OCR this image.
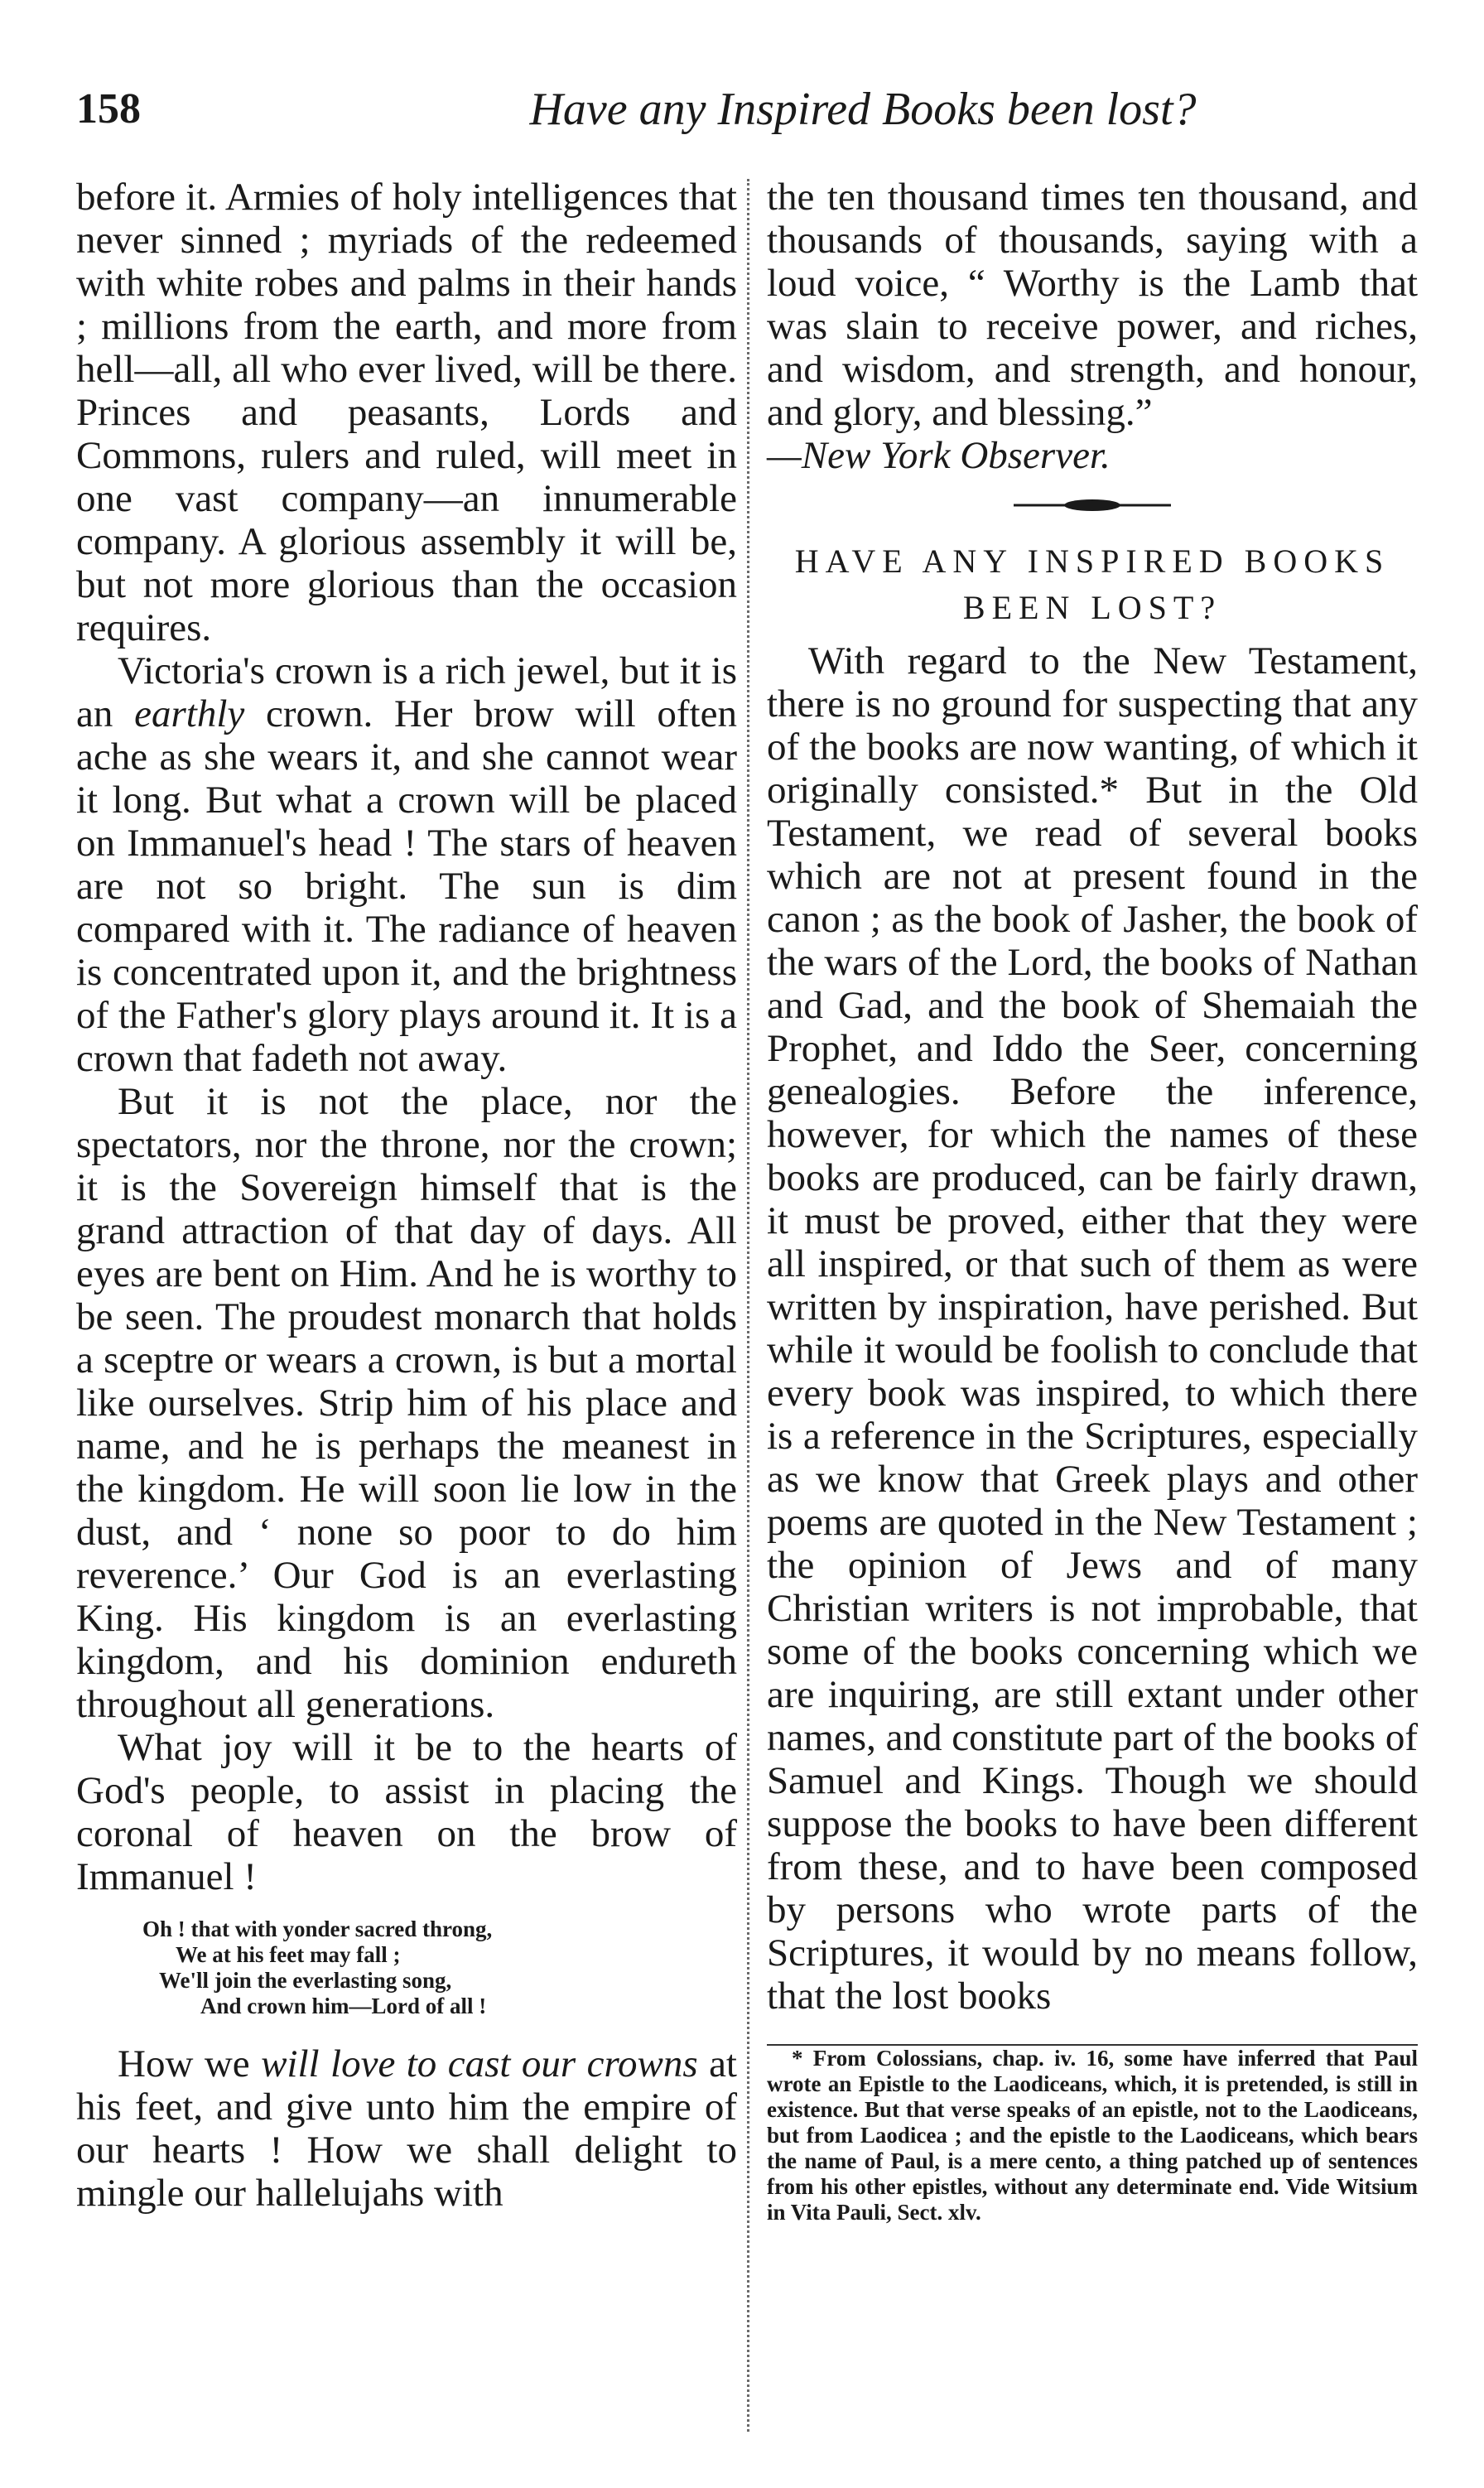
158	Have any Inspired Books been lost?

before it. Armies of holy intelligences that never sinned ; myriads of the redeemed with white robes and palms in their hands ; millions from the earth, and more from hell—all, all who ever lived, will be there. Princes and peasants, Lords and Commons, rulers and ruled, will meet in one vast company—an innumerable company. A glorious assembly it will be, but not more glorious than the occasion requires.

Victoria's crown is a rich jewel, but it is an earthly crown. Her brow will often ache as she wears it, and she cannot wear it long. But what a crown will be placed on Immanuel's head ! The stars of heaven are not so bright. The sun is dim compared with it. The radiance of heaven is concentrated upon it, and the brightness of the Father's glory plays around it. It is a crown that fadeth not away.

But it is not the place, nor the spectators, nor the throne, nor the crown; it is the Sovereign himself that is the grand attraction of that day of days. All eyes are bent on Him. And he is worthy to be seen. The proudest monarch that holds a sceptre or wears a crown, is but a mortal like ourselves. Strip him of his place and name, and he is perhaps the meanest in the kingdom. He will soon lie low in the dust, and ‘ none so poor to do him reverence.’ Our God is an everlasting King. His kingdom is an everlasting kingdom, and his dominion endureth throughout all generations.

What joy will it be to the hearts of God's people, to assist in placing the coronal of heaven on the brow of Immanuel !

Oh ! that with yonder sacred throng,
We at his feet may fall ;
We'll join the everlasting song,
And crown him—Lord of all !

How we will love to cast our crowns at his feet, and give unto him the empire of our hearts ! How we shall delight to mingle our hallelujahs with

the ten thousand times ten thousand, and thousands of thousands, saying with a loud voice, “ Worthy is the Lamb that was slain to receive power, and riches, and wisdom, and strength, and honour, and glory, and blessing.”

—New York Observer.

HAVE ANY INSPIRED BOOKS
BEEN LOST?

With regard to the New Testament, there is no ground for suspecting that any of the books are now wanting, of which it originally consisted.* But in the Old Testament, we read of several books which are not at present found in the canon ; as the book of Jasher, the book of the wars of the Lord, the books of Nathan and Gad, and the book of Shemaiah the Prophet, and Iddo the Seer, concerning genealogies. Before the inference, however, for which the names of these books are produced, can be fairly drawn, it must be proved, either that they were all inspired, or that such of them as were written by inspiration, have perished. But while it would be foolish to conclude that every book was inspired, to which there is a reference in the Scriptures, especially as we know that Greek plays and other poems are quoted in the New Testament ; the opinion of Jews and of many Christian writers is not improbable, that some of the books concerning which we are inquiring, are still extant under other names, and constitute part of the books of Samuel and Kings. Though we should suppose the books to have been different from these, and to have been composed by persons who wrote parts of the Scriptures, it would by no means follow, that the lost books

* From Colossians, chap. iv. 16, some have inferred that Paul wrote an Epistle to the Laodiceans, which, it is pretended, is still in existence. But that verse speaks of an epistle, not to the Laodiceans, but from Laodicea ; and the epistle to the Laodiceans, which bears the name of Paul, is a mere cento, a thing patched up of sentences from his other epistles, without any determinate end. Vide Witsium in Vita Pauli, Sect. xlv.
